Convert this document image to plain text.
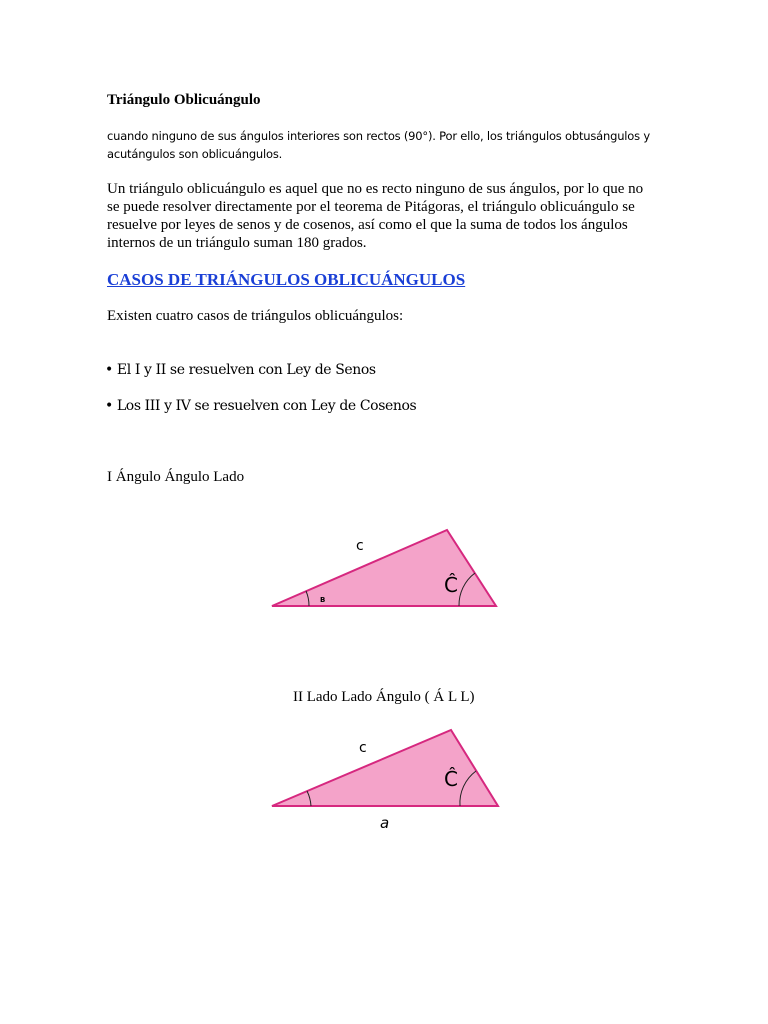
Triángulo Oblicuángulo
cuando ninguno de sus ángulos interiores son rectos (90°). Por ello, los triángulos obtusángulos y acutángulos son oblicuángulos.
Un triángulo oblicuángulo es aquel que no es recto ninguno de sus ángulos, por lo que no se puede resolver directamente por el teorema de Pitágoras, el triángulo oblicuángulo se resuelve por leyes de senos y de cosenos, así como el que la suma de todos los ángulos internos de un triángulo suman 180 grados.
CASOS DE TRIÁNGULOS OBLICUÁNGULOS
Existen cuatro casos de triángulos oblicuángulos:
• El I y II se resuelven con Ley de Senos
• Los III y IV se resuelven con Ley de Cosenos
I Ángulo Ángulo Lado
c
Ĉ
B
II Lado Lado Ángulo ( Á L L)
c
Ĉ
a
